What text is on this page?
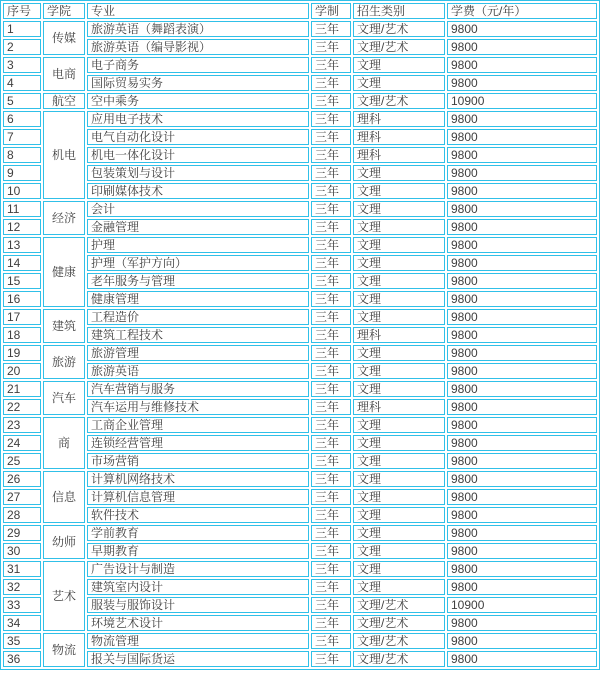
序号	学院	专业	学制	招生类别	学费（元/年）
1	传媒	旅游英语（舞蹈表演）	三年	文理/艺术	9800
2		旅游英语（编导影视）	三年	文理/艺术	9800
3	电商	电子商务	三年	文理	9800
4		国际贸易实务	三年	文理	9800
5	航空	空中乘务	三年	文理/艺术	10900
6	机电	应用电子技术	三年	理科	9800
7		电气自动化设计	三年	理科	9800
8		机电一体化设计	三年	理科	9800
9		包装策划与设计	三年	文理	9800
10		印刷媒体技术	三年	文理	9800
11	经济	会计	三年	文理	9800
12		金融管理	三年	文理	9800
13	健康	护理	三年	文理	9800
14		护理（军护方向）	三年	文理	9800
15		老年服务与管理	三年	文理	9800
16		健康管理	三年	文理	9800
17	建筑	工程造价	三年	文理	9800
18		建筑工程技术	三年	理科	9800
19	旅游	旅游管理	三年	文理	9800
20		旅游英语	三年	文理	9800
21	汽车	汽车营销与服务	三年	文理	9800
22		汽车运用与维修技术	三年	理科	9800
23	商	工商企业管理	三年	文理	9800
24		连锁经营管理	三年	文理	9800
25		市场营销	三年	文理	9800
26	信息	计算机网络技术	三年	文理	9800
27		计算机信息管理	三年	文理	9800
28		软件技术	三年	文理	9800
29	幼师	学前教育	三年	文理	9800
30		早期教育	三年	文理	9800
31	艺术	广告设计与制造	三年	文理	9800
32		建筑室内设计	三年	文理	9800
33		服装与服饰设计	三年	文理/艺术	10900
34		环境艺术设计	三年	文理/艺术	9800
35	物流	物流管理	三年	文理/艺术	9800
36		报关与国际货运	三年	文理/艺术	9800
